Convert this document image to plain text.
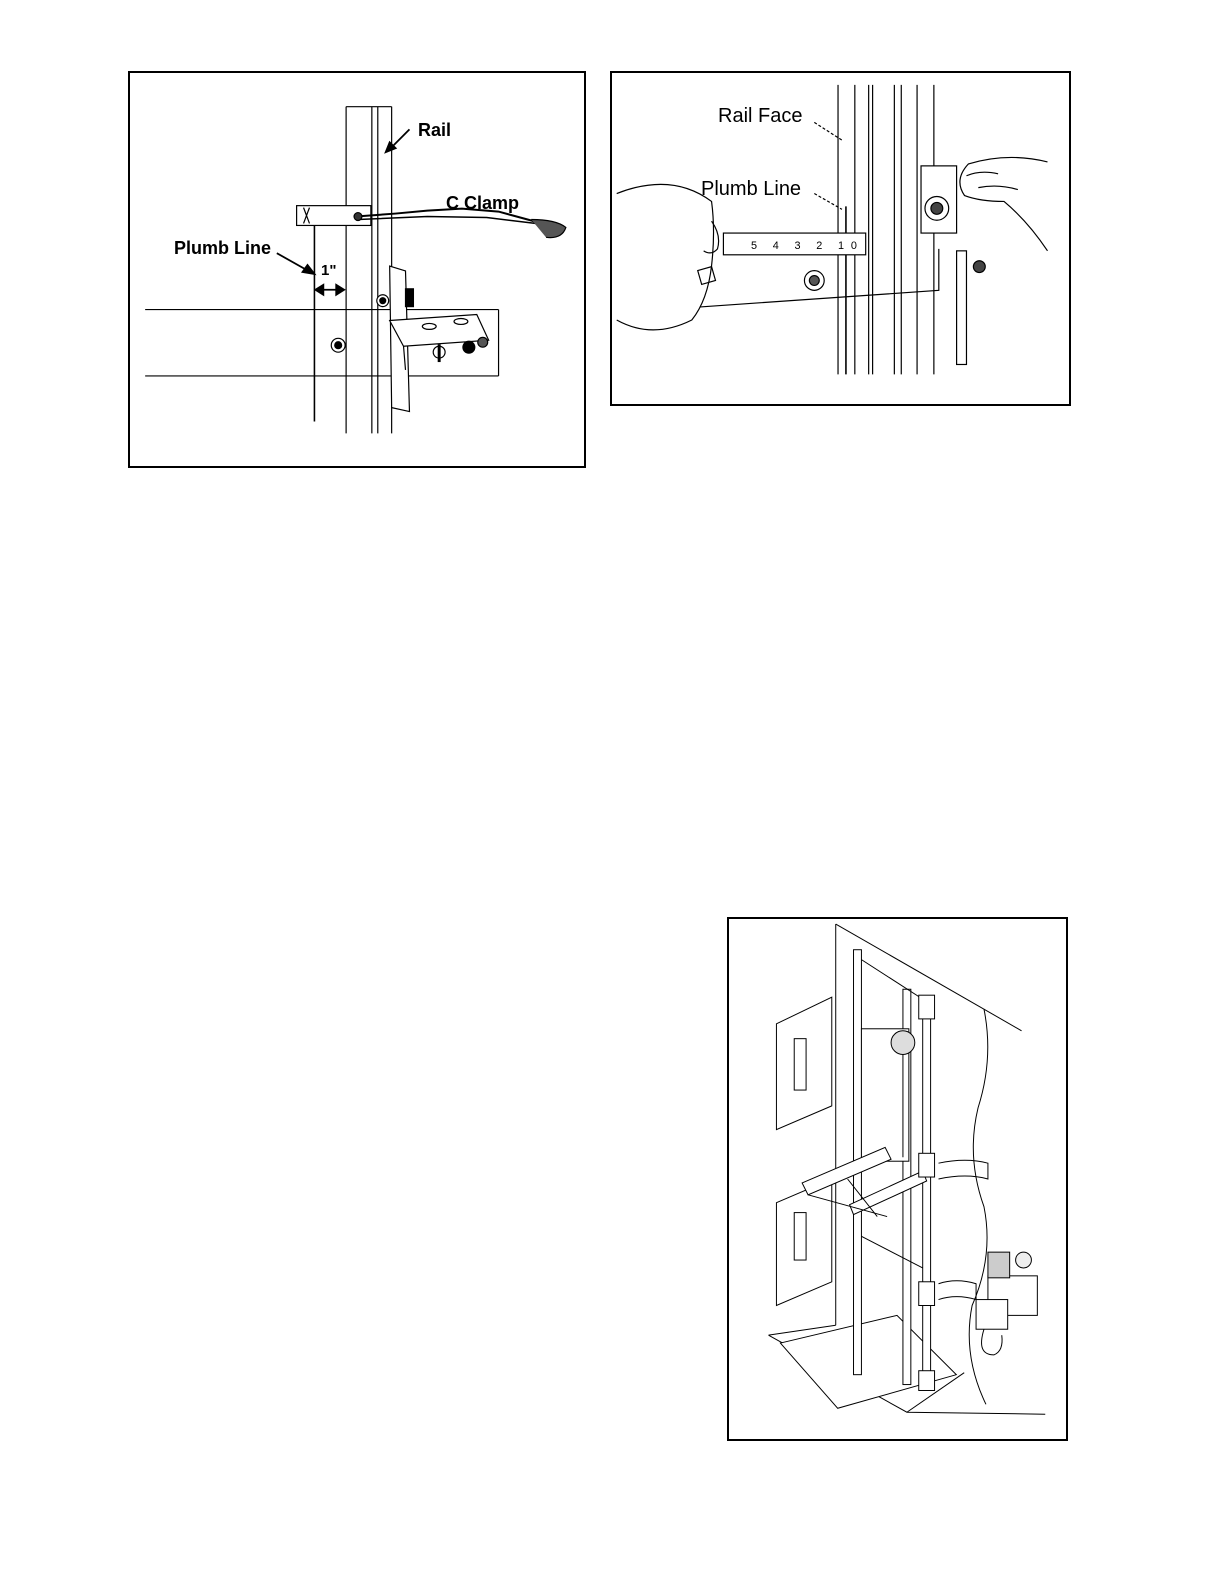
Rail
C Clamp
Plumb Line
1"
5 4 3 2 1 0
Rail Face
Plumb Line
